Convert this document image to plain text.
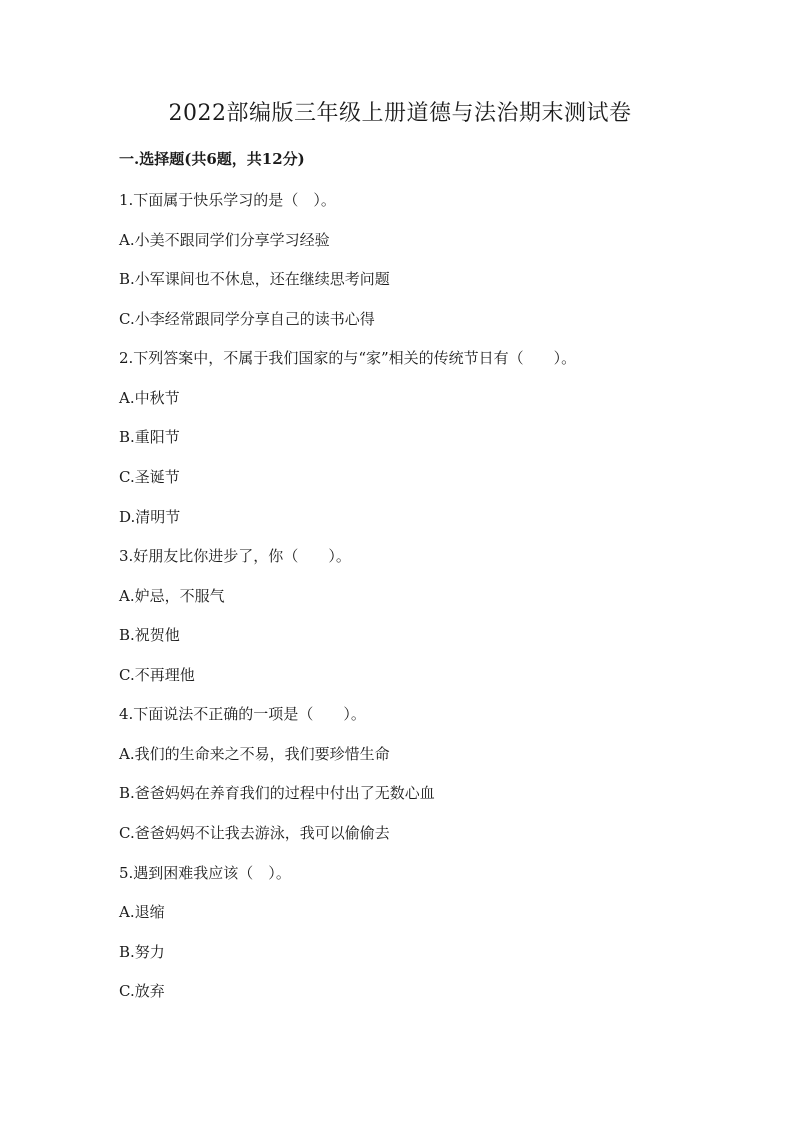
2022部编版三年级上册道德与法治期末测试卷
一.选择题(共6题，共12分)
1.下面属于快乐学习的是（　）。
A.小美不跟同学们分享学习经验
B.小军课间也不休息，还在继续思考问题
C.小李经常跟同学分享自己的读书心得
2.下列答案中，不属于我们国家的与“家”相关的传统节日有（　　）。
A.中秋节
B.重阳节
C.圣诞节
D.清明节
3.好朋友比你进步了，你（　　）。
A.妒忌，不服气
B.祝贺他
C.不再理他
4.下面说法不正确的一项是（　　）。
A.我们的生命来之不易，我们要珍惜生命
B.爸爸妈妈在养育我们的过程中付出了无数心血
C.爸爸妈妈不让我去游泳，我可以偷偷去
5.遇到困难我应该（　）。
A.退缩
B.努力
C.放弃
